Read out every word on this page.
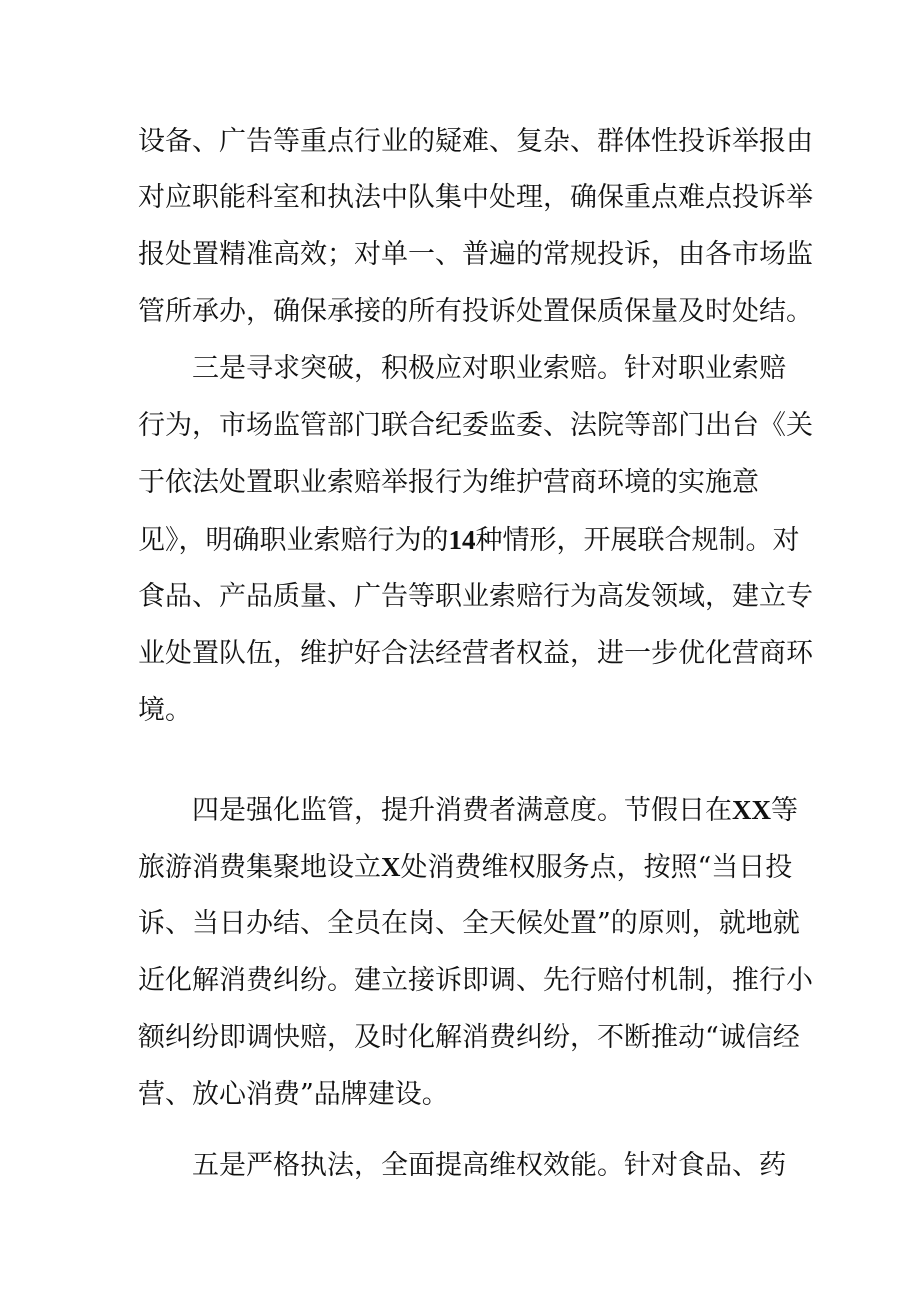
设备、广告等重点行业的疑难、复杂、群体性投诉举报由
对应职能科室和执法中队集中处理，确保重点难点投诉举
报处置精准高效；对单一、普遍的常规投诉，由各市场监
管所承办，确保承接的所有投诉处置保质保量及时处结。
三是寻求突破，积极应对职业索赔。针对职业索赔
行为，市场监管部门联合纪委监委、法院等部门出台《关
于依法处置职业索赔举报行为维护营商环境的实施意
见》，明确职业索赔行为的14种情形，开展联合规制。对
食品、产品质量、广告等职业索赔行为高发领域，建立专
业处置队伍，维护好合法经营者权益，进一步优化营商环
境。
四是强化监管，提升消费者满意度。节假日在XX等
旅游消费集聚地设立X处消费维权服务点，按照“当日投
诉、当日办结、全员在岗、全天候处置”的原则，就地就
近化解消费纠纷。建立接诉即调、先行赔付机制，推行小
额纠纷即调快赔，及时化解消费纠纷，不断推动“诚信经
营、放心消费”品牌建设。
五是严格执法，全面提高维权效能。针对食品、药
